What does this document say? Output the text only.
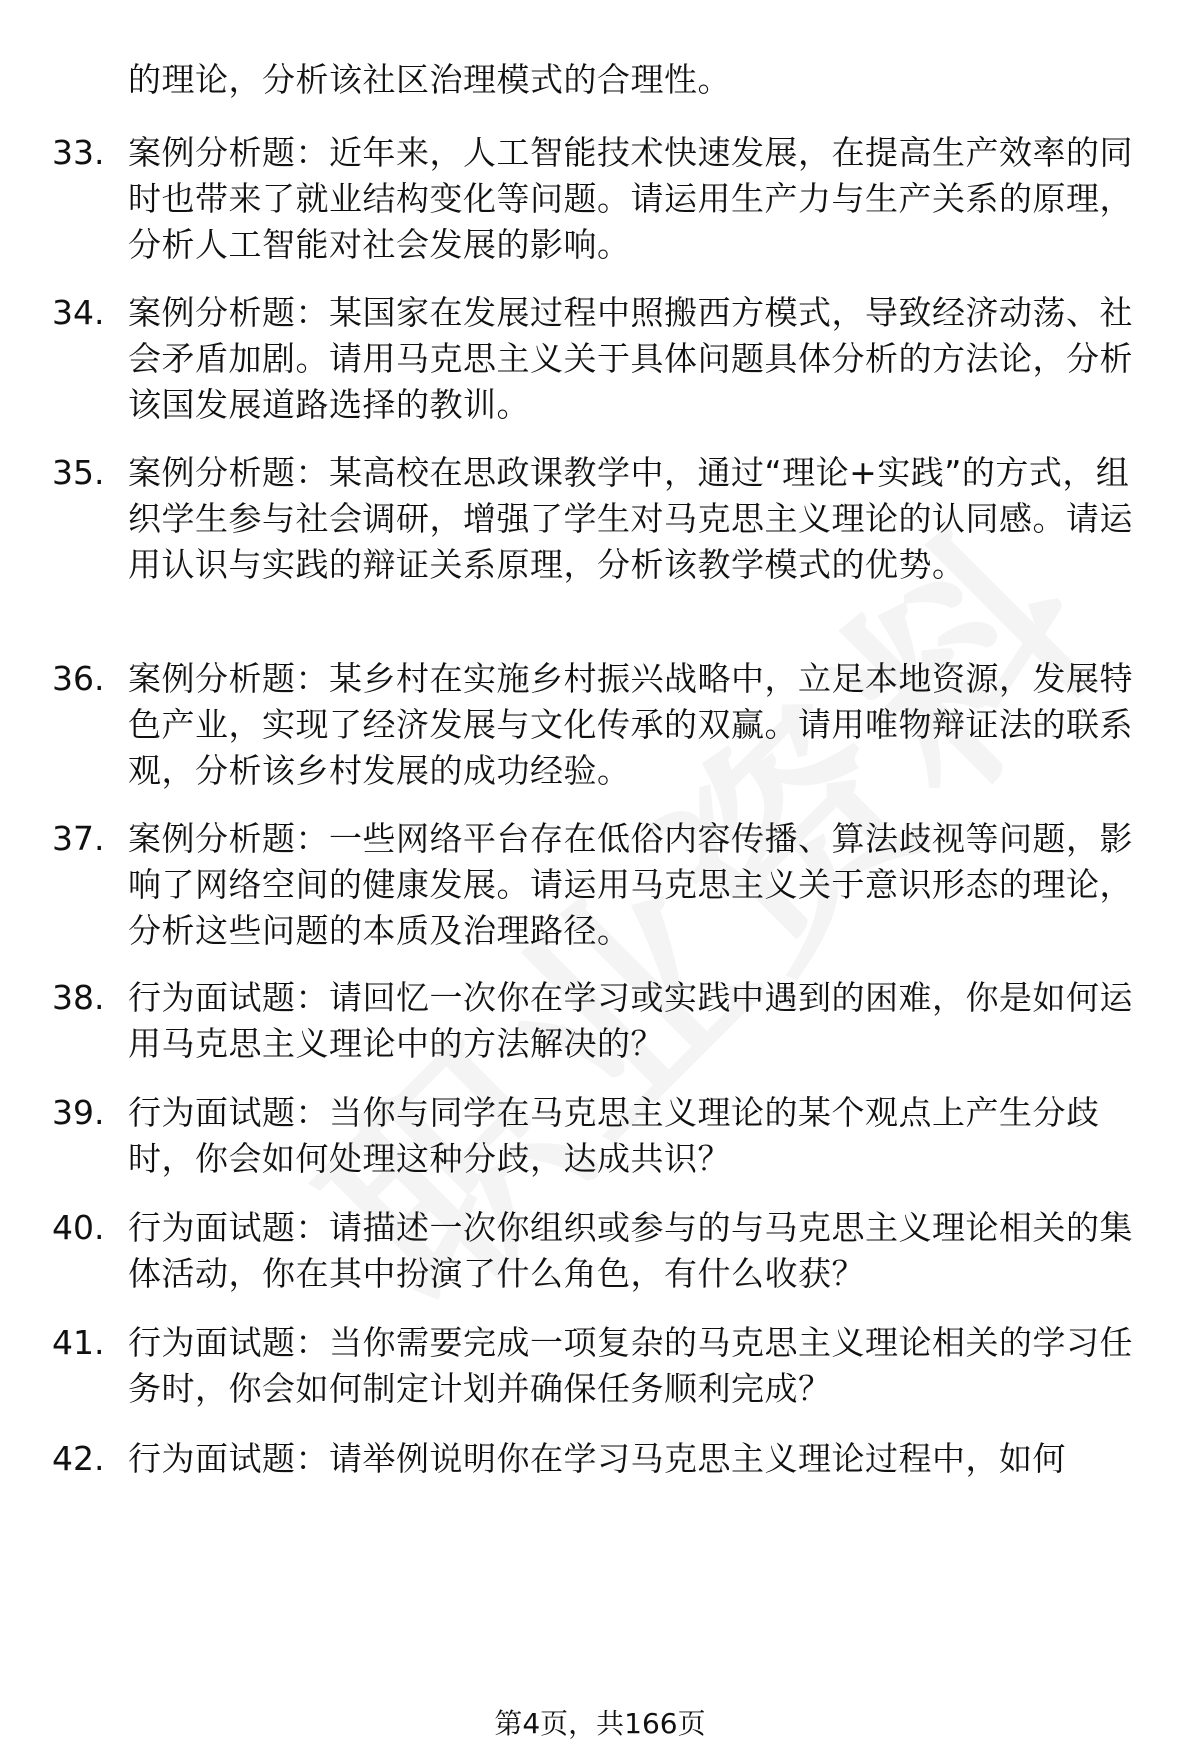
的理论，分析该社区治理模式的合理性。
33. 案例分析题：近年来，人工智能技术快速发展，在提高生产效率的同时也带来了就业结构变化等问题。请运用生产力与生产关系的原理，分析人工智能对社会发展的影响。
34. 案例分析题：某国家在发展过程中照搬西方模式，导致经济动荡、社会矛盾加剧。请用马克思主义关于具体问题具体分析的方法论，分析该国发展道路选择的教训。
35. 案例分析题：某高校在思政课教学中，通过“理论+实践”的方式，组织学生参与社会调研，增强了学生对马克思主义理论的认同感。请运用认识与实践的辩证关系原理，分析该教学模式的优势。
36. 案例分析题：某乡村在实施乡村振兴战略中，立足本地资源，发展特色产业，实现了经济发展与文化传承的双赢。请用唯物辩证法的联系观，分析该乡村发展的成功经验。
37. 案例分析题：一些网络平台存在低俗内容传播、算法歧视等问题，影响了网络空间的健康发展。请运用马克思主义关于意识形态的理论，分析这些问题的本质及治理路径。
38. 行为面试题：请回忆一次你在学习或实践中遇到的困难，你是如何运用马克思主义理论中的方法解决的？
39. 行为面试题：当你与同学在马克思主义理论的某个观点上产生分歧时，你会如何处理这种分歧，达成共识？
40. 行为面试题：请描述一次你组织或参与的与马克思主义理论相关的集体活动，你在其中扮演了什么角色，有什么收获？
41. 行为面试题：当你需要完成一项复杂的马克思主义理论相关的学习任务时，你会如何制定计划并确保任务顺利完成？
42. 行为面试题：请举例说明你在学习马克思主义理论过程中，如何
第4页，共166页
